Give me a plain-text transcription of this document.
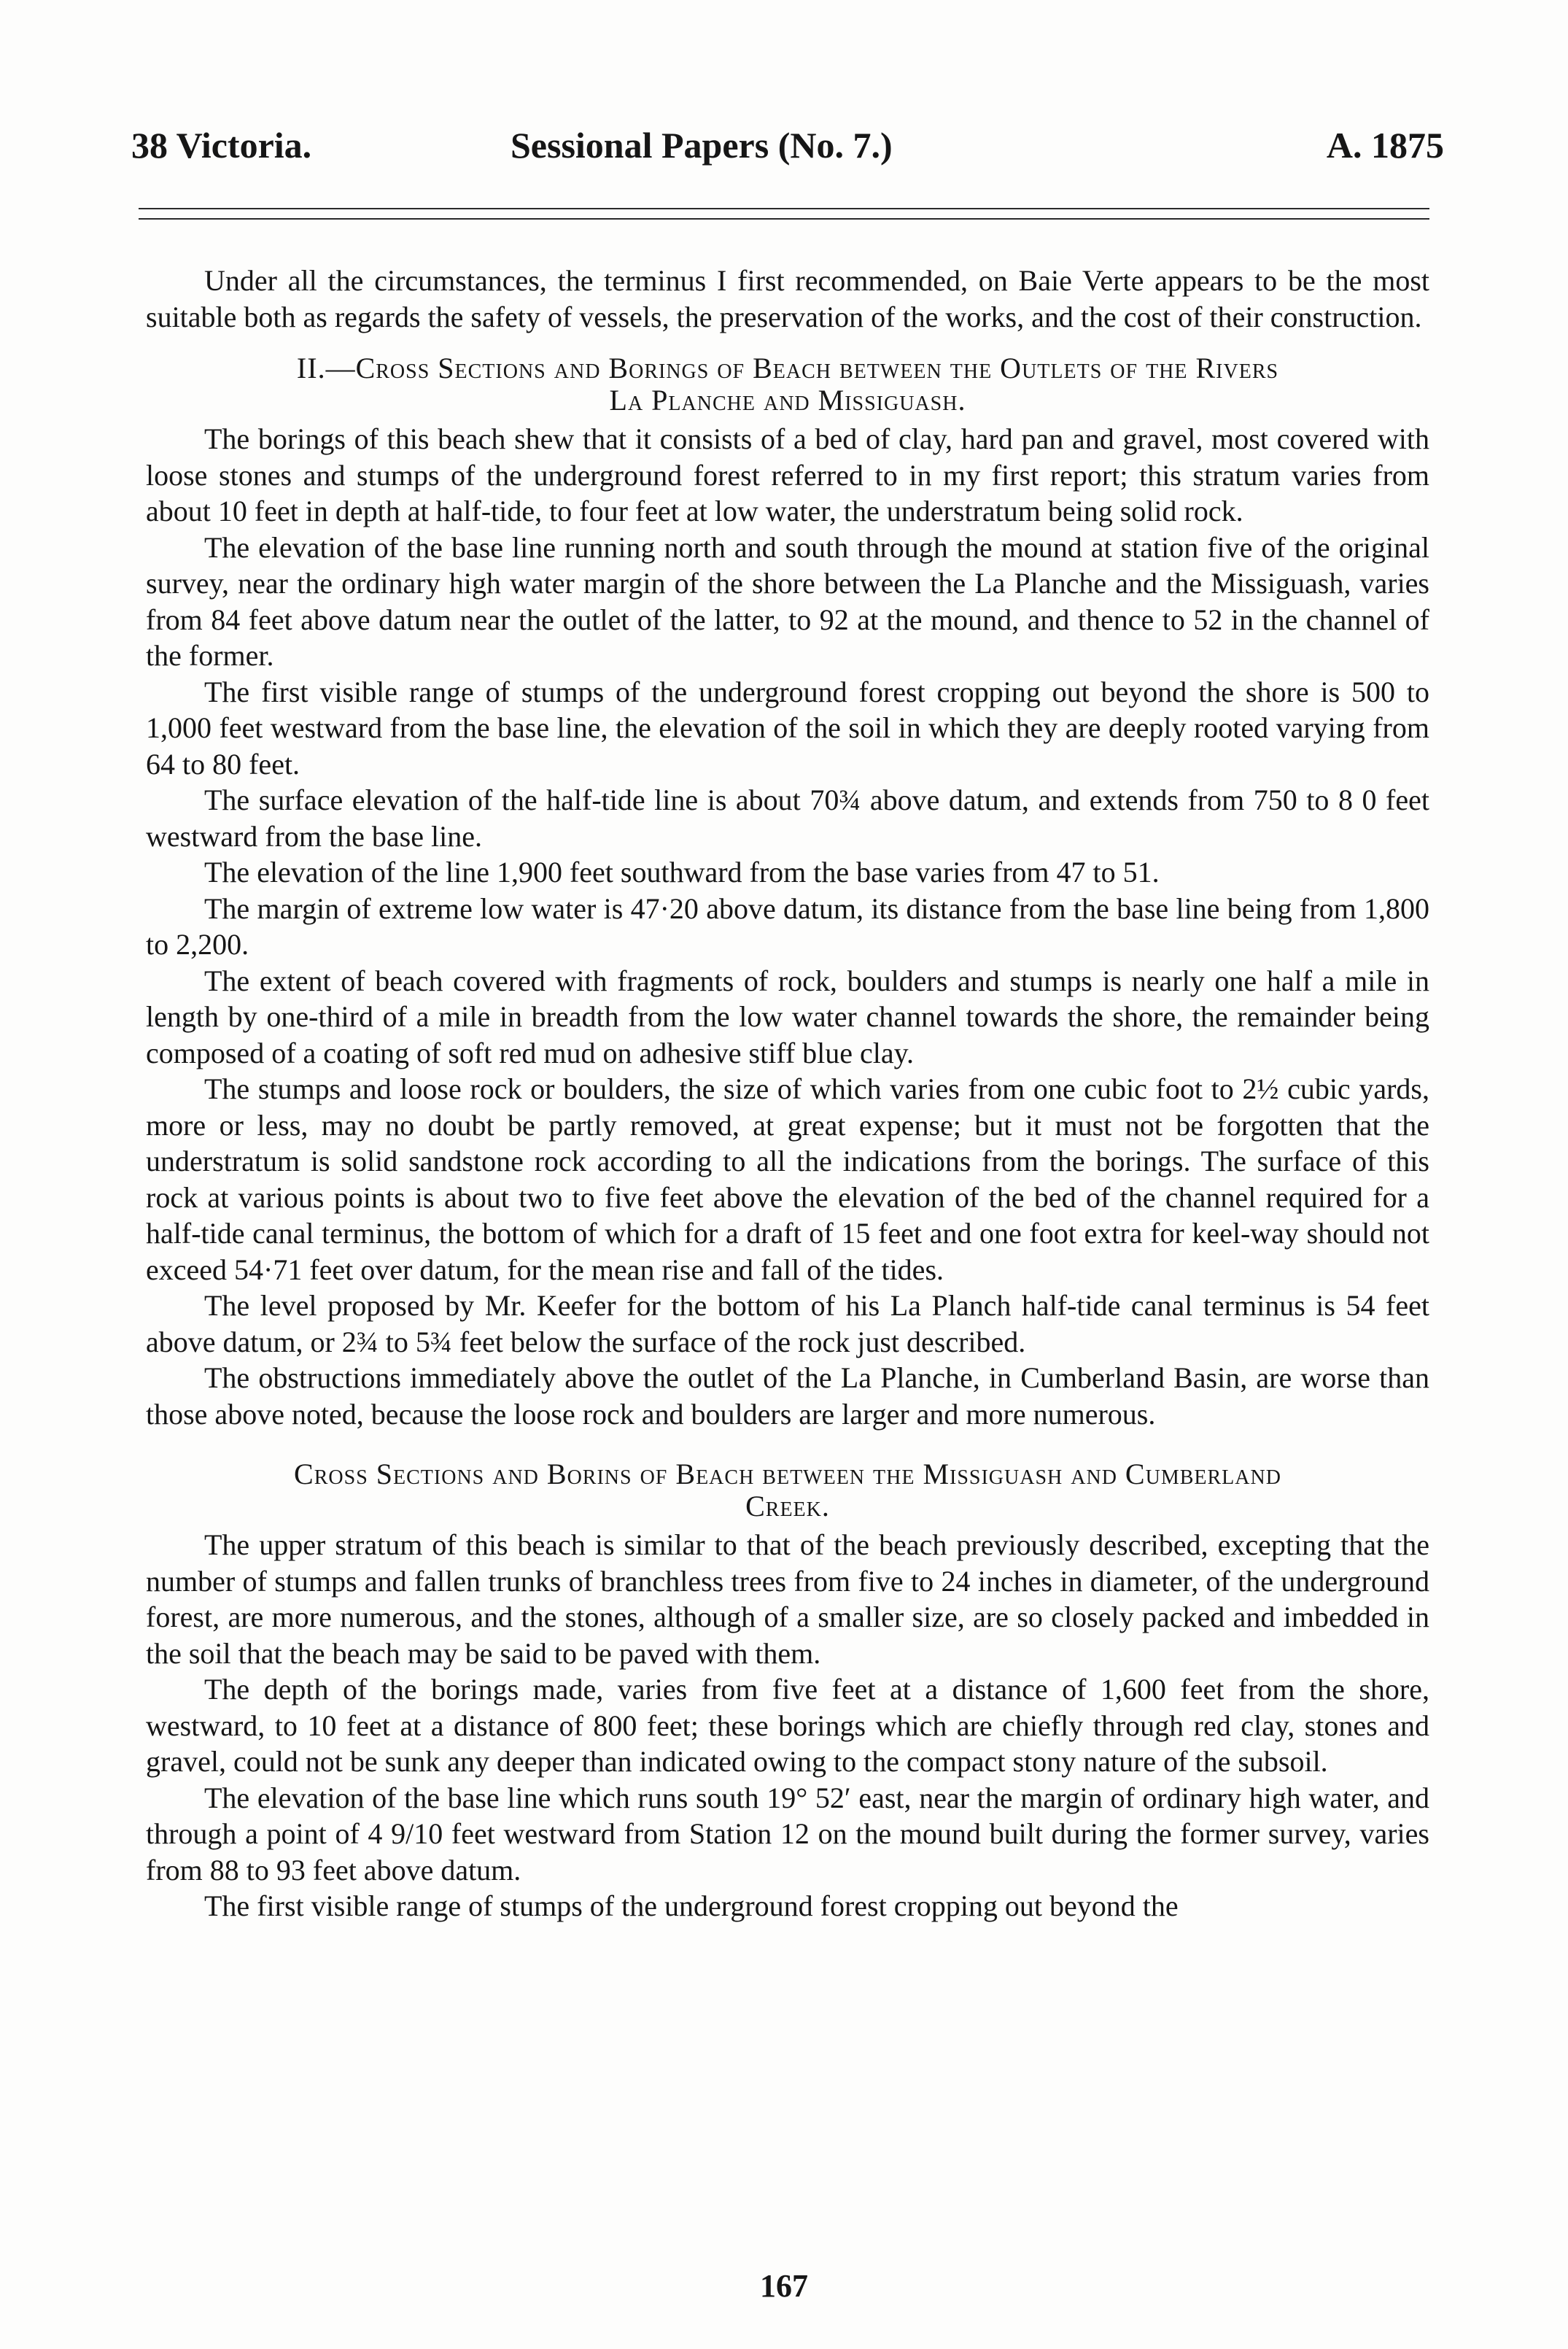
38 Victoria.	Sessional Papers (No. 7.)	A. 1875

Under all the circumstances, the terminus I first recommended, on Baie Verte appears to be the most suitable both as regards the safety of vessels, the preservation of the works, and the cost of their construction.

II.—Cross Sections and Borings of Beach between the Outlets of the Rivers
La Planche and Missiguash.

The borings of this beach shew that it consists of a bed of clay, hard pan and gravel, most covered with loose stones and stumps of the underground forest referred to in my first report; this stratum varies from about 10 feet in depth at half-tide, to four feet at low water, the understratum being solid rock.

The elevation of the base line running north and south through the mound at station five of the original survey, near the ordinary high water margin of the shore between the La Planche and the Missiguash, varies from 84 feet above datum near the outlet of the latter, to 92 at the mound, and thence to 52 in the channel of the former.

The first visible range of stumps of the underground forest cropping out beyond the shore is 500 to 1,000 feet westward from the base line, the elevation of the soil in which they are deeply rooted varying from 64 to 80 feet.

The surface elevation of the half-tide line is about 70¾ above datum, and extends from 750 to 8 0 feet westward from the base line.

The elevation of the line 1,900 feet southward from the base varies from 47 to 51.

The margin of extreme low water is 47·20 above datum, its distance from the base line being from 1,800 to 2,200.

The extent of beach covered with fragments of rock, boulders and stumps is nearly one half a mile in length by one-third of a mile in breadth from the low water channel towards the shore, the remainder being composed of a coating of soft red mud on adhesive stiff blue clay.

The stumps and loose rock or boulders, the size of which varies from one cubic foot to 2½ cubic yards, more or less, may no doubt be partly removed, at great expense; but it must not be forgotten that the understratum is solid sandstone rock according to all the indications from the borings. The surface of this rock at various points is about two to five feet above the elevation of the bed of the channel required for a half-tide canal terminus, the bottom of which for a draft of 15 feet and one foot extra for keel-way should not exceed 54·71 feet over datum, for the mean rise and fall of the tides.

The level proposed by Mr. Keefer for the bottom of his La Planch half-tide canal terminus is 54 feet above datum, or 2¾ to 5¾ feet below the surface of the rock just described.

The obstructions immediately above the outlet of the La Planche, in Cumberland Basin, are worse than those above noted, because the loose rock and boulders are larger and more numerous.

Cross Sections and Borins of Beach between the Missiguash and Cumberland
Creek.

The upper stratum of this beach is similar to that of the beach previously described, excepting that the number of stumps and fallen trunks of branchless trees from five to 24 inches in diameter, of the underground forest, are more numerous, and the stones, although of a smaller size, are so closely packed and imbedded in the soil that the beach may be said to be paved with them.

The depth of the borings made, varies from five feet at a distance of 1,600 feet from the shore, westward, to 10 feet at a distance of 800 feet; these borings which are chiefly through red clay, stones and gravel, could not be sunk any deeper than indicated owing to the compact stony nature of the subsoil.

The elevation of the base line which runs south 19° 52′ east, near the margin of ordinary high water, and through a point of 4 9/10 feet westward from Station 12 on the mound built during the former survey, varies from 88 to 93 feet above datum.

The first visible range of stumps of the underground forest cropping out beyond the

167
